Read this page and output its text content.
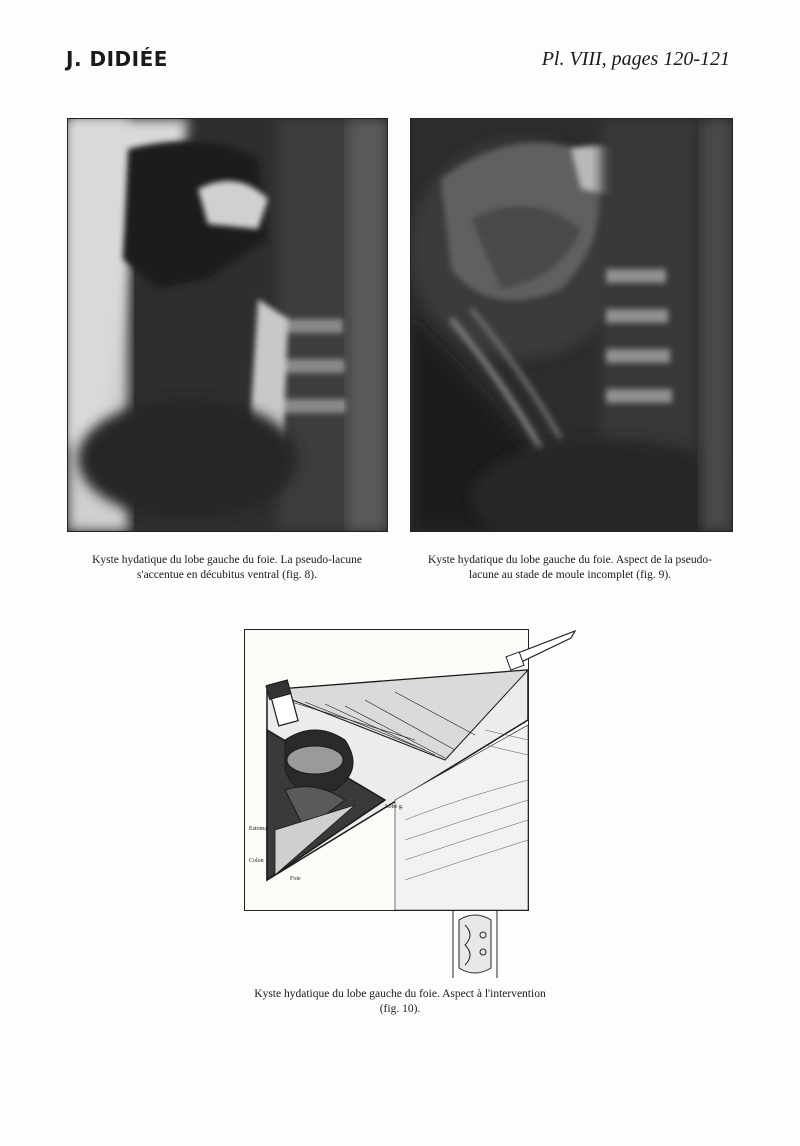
J. DIDIÉE	Pl. VIII, pages 120-121
Kyste hydatique du lobe gauche du foie. La pseudo-lacune
s'accentue en décubitus ventral (fig. 8).
Kyste hydatique du lobe gauche du foie. Aspect de la pseudo-
lacune au stade de moule incomplet (fig. 9).
Estomac
Lobe g.
Colon
Foie
Kyste hydatique du lobe gauche du foie. Aspect à l'intervention
(fig. 10).
